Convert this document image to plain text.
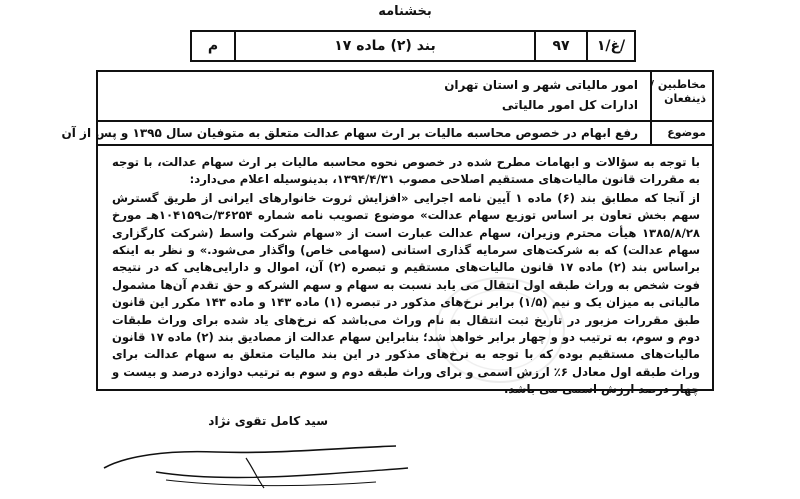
بخشنامه
م	بند (۲) ماده ۱۷	۹۷	غ/۱/
مخاطبین / ذینفعان
امور مالیاتی شهر و استان تهران
ادارات کل امور مالیاتی
موضوع
رفع ابهام در خصوص محاسبه مالیات بر ارث سهام عدالت متعلق به متوفیان سال ۱۳۹۵ و پس از آن

با توجه به سؤالات و ابهامات مطرح شده در خصوص نحوه محاسبه مالیات بر ارث سهام عدالت، با توجه به مقررات قانون مالیات‌های مستقیم اصلاحی مصوب ۱۳۹۴/۴/۳۱، بدینوسیله اعلام می‌دارد:

از آنجا که مطابق بند (۶) ماده ۱ آیین نامه اجرایی «افزایش ثروت خانوارهای ایرانی از طریق گسترش سهم بخش تعاون بر اساس توزیع سهام عدالت» موضوع تصویب نامه شماره ۳۶۲۵۴/ت۱۰۴۱۵۹هـ مورخ ۱۳۸۵/۸/۲۸ هیأت محترم وزیران، سهام عدالت عبارت است از «سهام شرکت واسط (شرکت کارگزاری سهام عدالت) که به شرکت‌های سرمایه گذاری استانی (سهامی خاص) واگذار می‌شود.» و نظر به اینکه براساس بند (۲) ماده ۱۷ قانون مالیات‌های مستقیم و تبصره (۲) آن، اموال و دارایی‌هایی که در نتیجه فوت شخص به وراث طبقه اول انتقال می یابد نسبت به سهام و سهم الشرکه و حق تقدم آن‌ها مشمول مالیاتی به میزان یک و نیم (۱/۵) برابر نرخ‌های مذکور در تبصره (۱) ماده ۱۴۳ و ماده ۱۴۳ مکرر این قانون طبق مقررات مزبور در تاریخ ثبت انتقال به نام وراث می‌باشد که نرخ‌های یاد شده برای وراث طبقات دوم و سوم، به ترتیب دو و چهار برابر خواهد شد؛ بنابراین سهام عدالت از مصادیق بند (۲) ماده ۱۷ قانون مالیات‌های مستقیم بوده که با توجه به نرخ‌های مذکور در این بند مالیات متعلق به سهام عدالت برای وراث طبقه اول معادل ۶٪ ارزش اسمی و برای وراث طبقه دوم و سوم به ترتیب دوازده درصد و بیست و چهار درصد ارزش اسمی می باشد.

سید کامل تقوی نژاد
